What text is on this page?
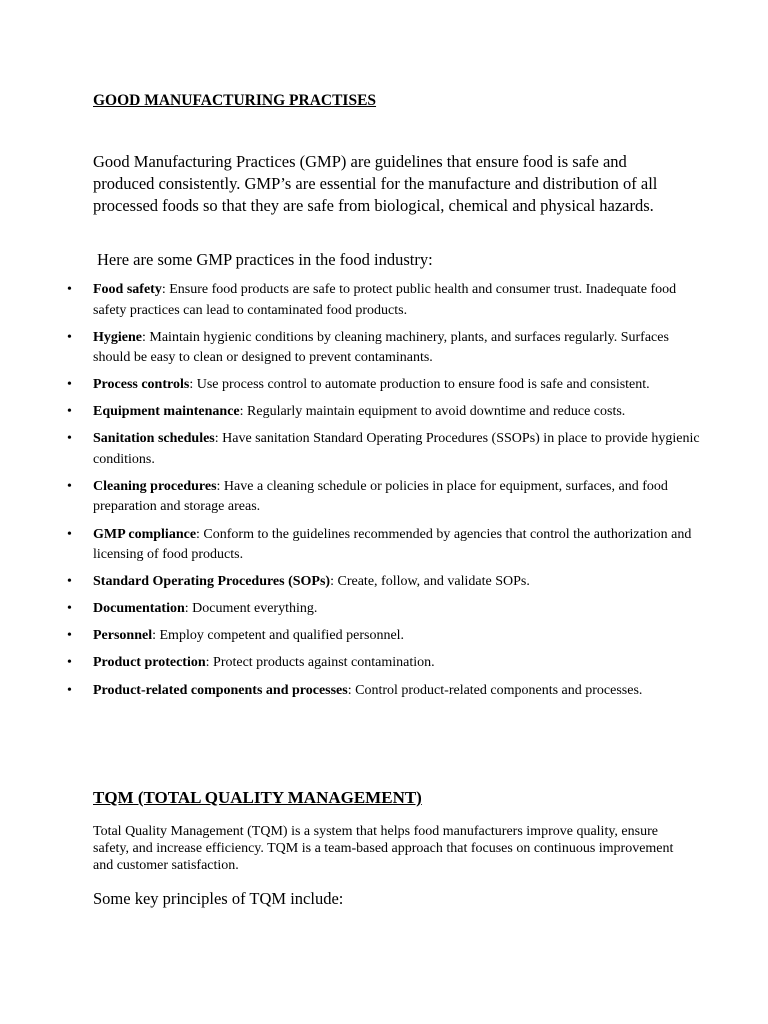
GOOD MANUFACTURING PRACTISES

Good Manufacturing Practices (GMP) are guidelines that ensure food is safe and produced consistently. GMP’s are essential for the manufacture and distribution of all processed foods so that they are safe from biological, chemical and physical hazards.

Here are some GMP practices in the food industry:

• Food safety: Ensure food products are safe to protect public health and consumer trust. Inadequate food safety practices can lead to contaminated food products.
• Hygiene: Maintain hygienic conditions by cleaning machinery, plants, and surfaces regularly. Surfaces should be easy to clean or designed to prevent contaminants.
• Process controls: Use process control to automate production to ensure food is safe and consistent.
• Equipment maintenance: Regularly maintain equipment to avoid downtime and reduce costs.
• Sanitation schedules: Have sanitation Standard Operating Procedures (SSOPs) in place to provide hygienic conditions.
• Cleaning procedures: Have a cleaning schedule or policies in place for equipment, surfaces, and food preparation and storage areas.
• GMP compliance: Conform to the guidelines recommended by agencies that control the authorization and licensing of food products.
• Standard Operating Procedures (SOPs): Create, follow, and validate SOPs.
• Documentation: Document everything.
• Personnel: Employ competent and qualified personnel.
• Product protection: Protect products against contamination.
• Product-related components and processes: Control product-related components and processes.
TQM (TOTAL QUALITY MANAGEMENT)

Total Quality Management (TQM) is a system that helps food manufacturers improve quality, ensure safety, and increase efficiency. TQM is a team-based approach that focuses on continuous improvement and customer satisfaction.

Some key principles of TQM include:
